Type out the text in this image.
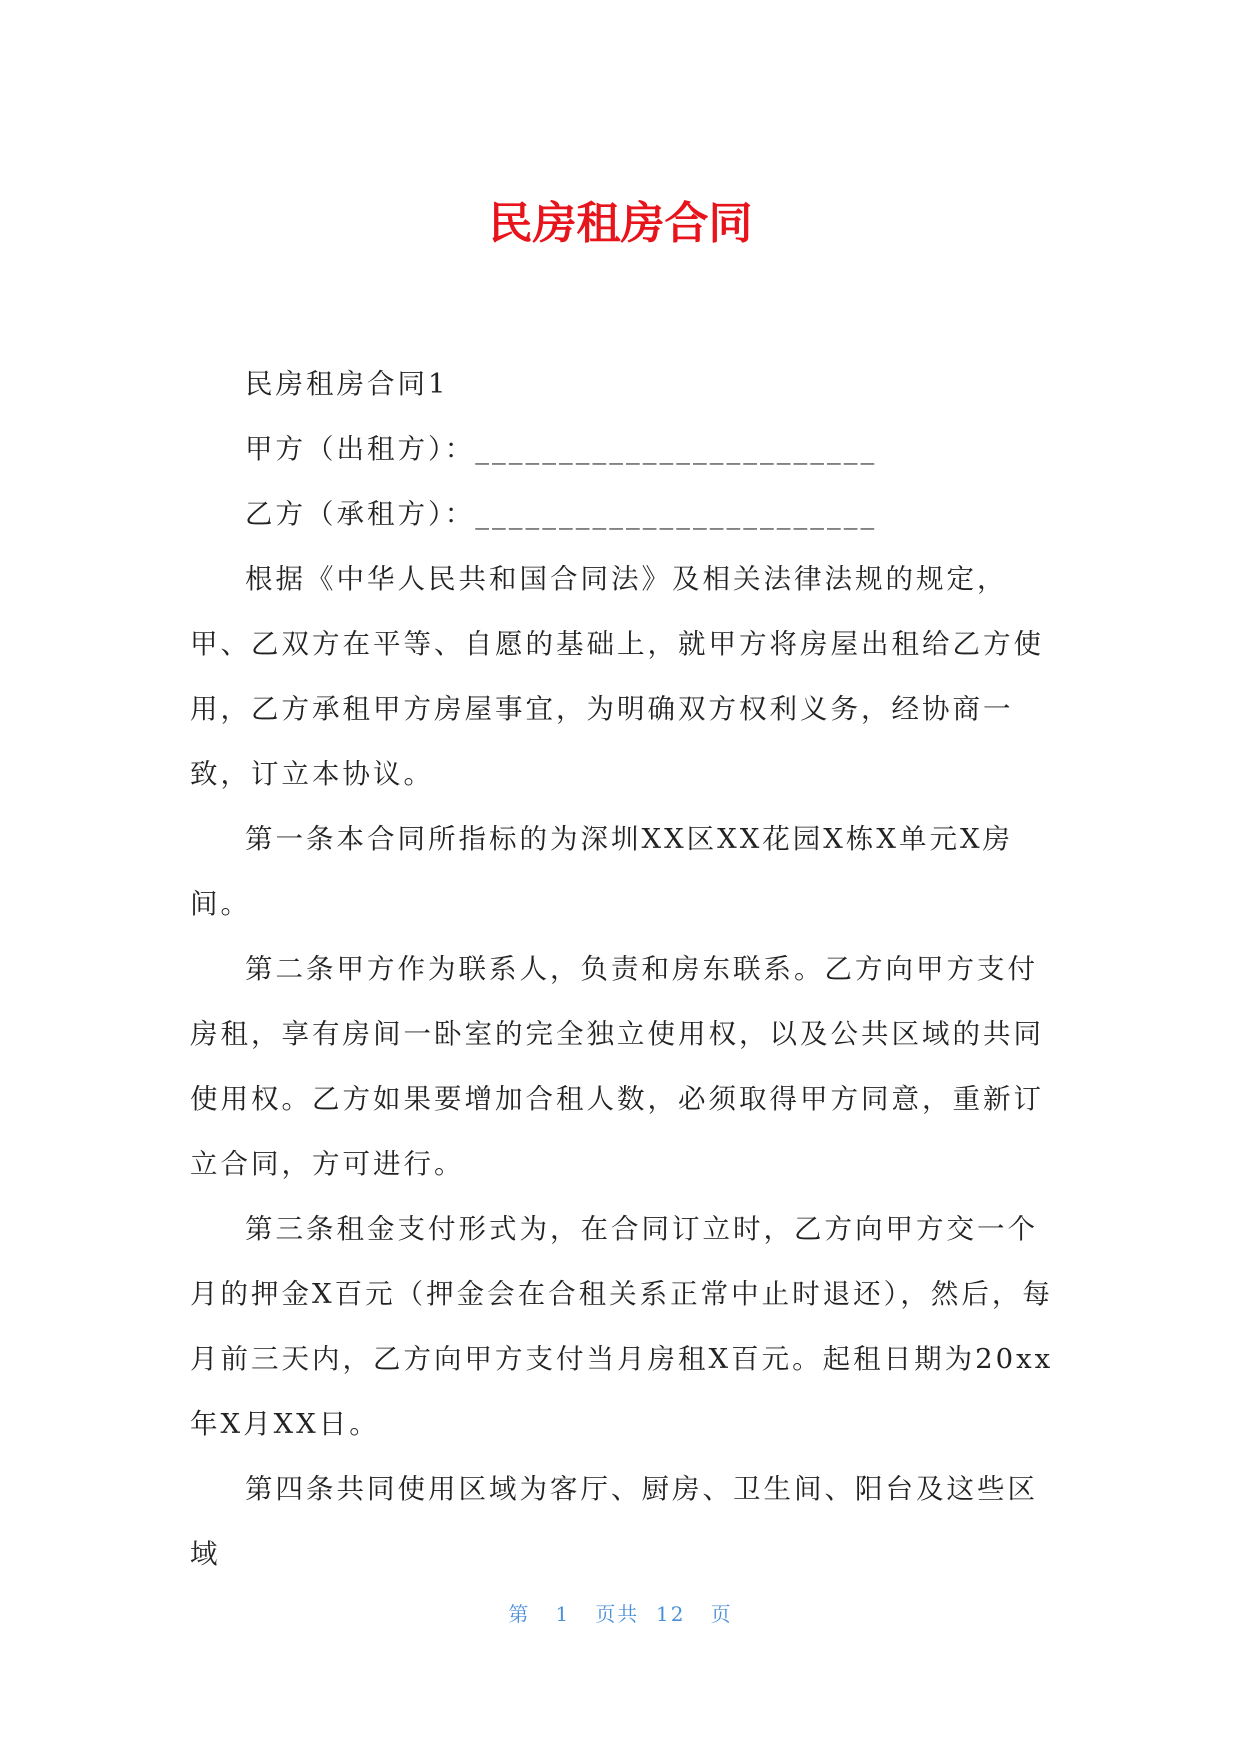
民房租房合同

民房租房合同1

甲方（出租方）：________________________

乙方（承租方）：________________________

根据《中华人民共和国合同法》及相关法律法规的规定，甲、乙双方在平等、自愿的基础上，就甲方将房屋出租给乙方使用，乙方承租甲方房屋事宜，为明确双方权利义务，经协商一致，订立本协议。

第一条本合同所指标的为深圳XX区XX花园X栋X单元X房间。

第二条甲方作为联系人，负责和房东联系。乙方向甲方支付房租，享有房间一卧室的完全独立使用权，以及公共区域的共同使用权。乙方如果要增加合租人数，必须取得甲方同意，重新订立合同，方可进行。

第三条租金支付形式为，在合同订立时，乙方向甲方交一个月的押金X百元（押金会在合租关系正常中止时退还），然后，每月前三天内，乙方向甲方支付当月房租X百元。起租日期为20xx年X月XX日。

第四条共同使用区域为客厅、厨房、卫生间、阳台及这些区域

第 1 页共 12 页
